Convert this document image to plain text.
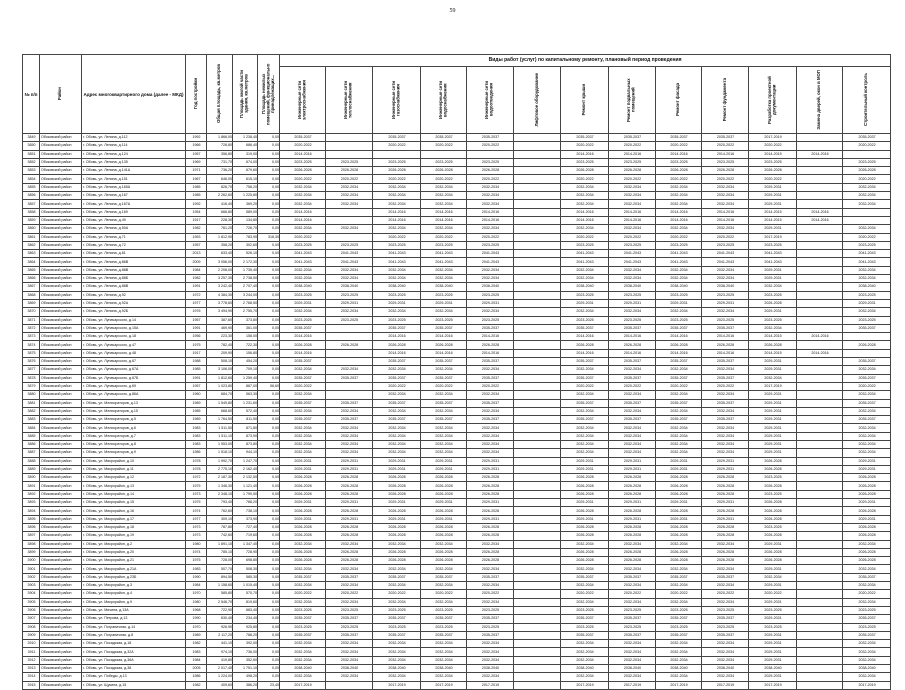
59
№ п/п	Район	Адрес многоквартирного дома (далее - МКД)	Год постройки	Общая площадь, кв.метров	Площадь жилой части здания, кв.метров	Площадь нежилых помещений, функционально принадлежащих...	Виды работ (услуг) по капитальному ремонту, плановый период проведения												
							Инженерные сети электроснабжения	Инженерные сети теплоснабжения	Инженерные сети газоснабжения	Инженерные сети водоснабжения	Инженерные сети водоотведения	Лифтовое оборудование	Ремонт крыши	Ремонт подвальных помещений	Ремонт фасада	Ремонт фундамента	Разработка проектной документации	Замена дверей, окон в МОП	Строительный контроль
3849	Обсковский район	г. Обовь, ул. Ленина, д.112	1992	1 866,00	1 238,40	0,00	2035-2037		2035-2037	2035-2037	2035-2037		2035-2037	2035-2037	2035-2037	2035-2037	2017-2019		2035-2037
3850	Обсковский район	г. Обовь, ул. Ленина, д.114	1966	728,80	686,40	0,00	2020-2022		2020-2022	2020-2022	2020-2022		2020-2022	2020-2022	2020-2022	2020-2022	2020-2022		2020-2022
3851	Обсковский район	г. Обовь, ул. Ленина, д.124	1957	356,80	319,00	0,00	2014-2016						2014-2016	2014-2016	2014-2016	2014-2016	2014-2015	2014-2016	
3852	Обсковский район	г. Обовь, ул. Ленина, д.135	1969	731,70	674,00	0,00	2023-2025	2023-2025	2023-2025	2023-2025	2023-2025		2023-2025	2023-2025	2023-2025	2023-2025	2023-2025		2023-2025
3853	Обсковский район	г. Обовь, ул. Ленина, д.141А	1971	736,20	679,60	0,00	2026-2028	2026-2028	2026-2028	2026-2028	2026-2028		2026-2028	2026-2028	2026-2028	2026-2028	2026-2028		2026-2028
3854	Обсковский район	г. Обовь, ул. Ленина, д.151	1967	646,00	615,10	0,00	2020-2022	2020-2022	2020-2022	2020-2022	2020-2022		2020-2022	2020-2022	2020-2022	2020-2022	2020-2022		2020-2022
3855	Обсковский район	г. Обовь, ул. Ленина, д.165А	1985	826,70	758,20	0,00	2032-2034	2032-2034	2032-2034	2032-2034	2032-2034		2032-2034	2032-2034	2032-2034	2032-2034	2029-2031		2032-2034
3856	Обсковский район	г. Обовь, ул. Ленина, д.167	1985	2 262,60	1 225,80	0,00	2032-2034	2032-2034	2032-2034	2032-2034	2032-2034		2032-2034	2032-2034	2032-2034	2032-2034	2029-2031		2032-2034
3857	Обсковский район	г. Обовь, ул. Ленина, д.167А	1992	416,40	369,20	0,00	2032-2034	2032-2034	2032-2034	2032-2034	2032-2034		2032-2034	2032-2034	2032-2034	2032-2034	2029-2031		2032-2034
3858	Обсковский район	г. Обовь, ул. Ленина, д.169	1954	666,80	589,00	0,00	2014-2016		2014-2016	2014-2016	2014-2016		2014-2016	2014-2016	2014-2016	2014-2016	2014-2015	2014-2016	
3859	Обсковский район	г. Обовь, ул. Ленина, д.49	1917	228,30	134,80	0,00	2014-2016		2014-2016	2014-2016	2014-2016		2014-2016	2014-2016	2014-2016	2014-2016	2014-2015	2014-2016	
3860	Обсковский район	г. Обовь, ул. Ленина, д.50А	1982	761,20	726,70	0,00	2032-2034	2032-2034	2032-2034	2032-2034	2032-2034		2032-2034	2032-2034	2032-2034	2032-2034	2029-2031		2032-2034
3861	Обсковский район	г. Обовь, ул. Ленина, д.71	1953	1 812,90	783,90	318,30	2020-2022		2020-2022	2020-2022	2020-2022		2020-2022	2020-2022	2020-2022	2020-2022	2017-2019		2020-2022
3862	Обсковский район	г. Обовь, ул. Ленина, д.72	1957	358,20	302,60	0,00	2023-2025	2023-2025	2023-2025	2023-2025	2023-2025		2023-2025	2023-2025	2023-2025	2023-2025	2023-2025		2023-2025
3863	Обсковский район	г. Обовь, ул. Ленина, д.81	2013	633,40	526,10	0,00	2041-2043	2041-2043	2041-2043	2041-2043	2041-2043		2041-2043	2041-2043	2041-2043	2041-2043	2041-2043		2041-2043
3864	Обсковский район	г. Обовь, ул. Ленина, д.86В	2009	3 056,00	2 172,30	0,00	2041-2043	2041-2043	2041-2043	2041-2043	2041-2043		2041-2043	2041-2043	2041-2043	2041-2043	2041-2043		2041-2043
3865	Обсковский район	г. Обовь, ул. Ленина, д.88В	1984	2 208,00	1 735,40	0,00	2032-2034	2032-2034	2032-2034	2032-2034	2032-2034		2032-2034	2032-2034	2032-2034	2032-2034	2029-2031		2032-2034
3866	Обсковский район	г. Обовь, ул. Ленина, д.88Б	1982	3 257,30	2 738,50	0,00	2032-2034	2032-2034	2032-2034	2032-2034	2032-2034		2032-2034	2032-2034	2032-2034	2032-2034	2029-2031		2032-2034
3867	Обсковский район	г. Обовь, ул. Ленина, д.88В	1991	3 242,40	2 707,40	0,00	2038-2040	2038-2040	2038-2040	2038-2040	2038-2040		2038-2040	2038-2040	2038-2040	2038-2040	2032-2034		2038-2040
3868	Обсковский район	г. Обовь, ул. Ленина, д.92	1972	4 384,30	3 244,00	0,00	2023-2025	2023-2025	2023-2025	2023-2025	2023-2025		2023-2025	2023-2025	2023-2025	2023-2025	2023-2025		2023-2025
3869	Обсковский район	г. Обовь, ул. Ленина, д.92А	1977	3 778,60	2 768,50	0,00	2029-2031	2029-2031	2029-2031	2029-2031	2029-2031		2029-2031	2029-2031	2029-2031	2029-2031	2026-2028		2029-2031
3870	Обсковский район	г. Обовь, ул. Ленина, д.92Б	1976	3 494,90	2 755,70	0,00	2032-2034	2032-2034	2032-2034	2032-2034	2032-2034		2032-2034	2032-2034	2032-2034	2032-2034	2029-2031		2032-2034
3871	Обсковский район	г. Обовь, ул. Луначарского, д.14	1957	387,60	373,80	0,00	2023-2025	2023-2025	2023-2025	2023-2025	2023-2025		2023-2025	2023-2025	2023-2025	2023-2025	2023-2025		2023-2025
3872	Обсковский район	г. Обовь, ул. Луначарского, д.15А	1991	469,90	361,00	0,00	2035-2037		2035-2037	2035-2037	2035-2037		2035-2037	2035-2037	2035-2037	2035-2037	2032-2034		2035-2037
3873	Обсковский район	г. Обовь, ул. Луначарского, д.18	1956	223,30	158,00	0,00	2014-2016		2014-2016	2014-2016	2014-2016		2014-2016	2014-2016	2014-2016	2014-2016	2014-2015	2014-2016	
3874	Обсковский район	г. Обовь, ул. Луначарского, д.47	1975	782,40	722,30	0,00	2026-2028	2026-2028	2026-2028	2026-2028	2026-2028		2026-2028	2026-2028	2026-2028	2026-2028	2026-2028		2026-2028
3875	Обсковский район	г. Обовь, ул. Луначарского, д.48	1917	209,90	156,80	0,00	2014-2016		2014-2016	2014-2016	2014-2016		2014-2016	2014-2016	2014-2016	2014-2016	2014-2015	2014-2016	
3876	Обсковский район	г. Обовь, ул. Луначарского, д.67	1988	508,10	454,20	0,00	2035-2037		2035-2037	2035-2037	2035-2037		2035-2037	2035-2037	2035-2037	2035-2037	2029-2031		2035-2037
3877	Обсковский район	г. Обовь, ул. Луначарского, д.67А	1985	3 106,00	709,10	0,00	2032-2034	2032-2034	2032-2034	2032-2034	2032-2034		2032-2034	2032-2034	2032-2034	2032-2034	2029-2031		2032-2034
3878	Обсковский район	г. Обовь, ул. Луначарского, д.67Б	1991	1 812,60	1 259,40	0,00	2035-2037	2035-2037	2035-2037	2035-2037	2035-2037		2035-2037	2035-2037	2035-2037	2035-2037	2032-2034		2035-2037
3879	Обсковский район	г. Обовь, ул. Луначарского, д.69	1957	1 023,80	887,00	58,60	2020-2022		2020-2022	2020-2022	2020-2022		2020-2022	2020-2022	2020-2022	2020-2022	2017-2019		2020-2022
3880	Обсковский район	г. Обовь, ул. Луначарского, д.86А	1960	684,70	563,30	0,00	2032-2034		2032-2034	2032-2034	2032-2034		2032-2034	2032-2034	2032-2034	2032-2034	2029-2031		2032-2034
3881	Обсковский район	г. Обовь, ул. Мелиораторов, д.13	1989	1 549,80	1 231,60	0,00	2035-2037	2035-2037	2035-2037	2035-2037	2035-2037		2035-2037	2035-2037	2035-2037	2035-2037	2029-2031		2035-2037
3882	Обсковский район	г. Обовь, ул. Мелиораторов, д.15	1985	668,60	572,40	0,00	2032-2034	2032-2034	2032-2034	2032-2034	2032-2034		2032-2034	2032-2034	2032-2034	2032-2034	2029-2031		2032-2034
3883	Обсковский район	г. Обовь, ул. Мелиораторов, д.5	1989	1 764,50	811,50	0,00	2035-2037	2035-2037	2035-2037	2035-2037	2035-2037		2035-2037	2035-2037	2035-2037	2035-2037	2029-2031		2035-2037
3884	Обсковский район	г. Обовь, ул. Мелиораторов, д.6	1983	1 511,50	871,80	0,00	2032-2034	2032-2034	2032-2034	2032-2034	2032-2034		2032-2034	2032-2034	2032-2034	2032-2034	2029-2031		2032-2034
3885	Обсковский район	г. Обовь, ул. Мелиораторов, д.7	1983	1 511,10	873,90	0,00	2032-2034	2032-2034	2032-2034	2032-2034	2032-2034		2032-2034	2032-2034	2032-2034	2032-2034	2029-2031		2032-2034
3886	Обсковский район	г. Обовь, ул. Мелиораторов, д.8	1983	1 553,00	873,80	0,00	2032-2034	2032-2034	2032-2034	2032-2034	2032-2034		2032-2034	2032-2034	2032-2034	2032-2034	2029-2031		2032-2034
3887	Обсковский район	г. Обовь, ул. Мелиораторов, д.9	1986	1 518,10	944,10	0,00	2032-2034	2032-2034	2032-2034	2032-2034	2032-2034		2032-2034	2032-2034	2032-2034	2032-2034	2029-2031		2032-2034
3888	Обсковский район	г. Обовь, ул. Микрорайон, д.10	1978	1 992,70	1 247,70	0,00	2029-2031	2029-2031	2029-2031	2029-2031	2029-2031		2029-2031	2029-2031	2029-2031	2029-2031	2026-2028		2029-2031
3889	Обсковский район	г. Обовь, ул. Микрорайон, д.11	1978	2 775,10	2 162,40	0,00	2029-2031	2029-2031	2029-2031	2029-2031	2029-2031		2029-2031	2029-2031	2029-2031	2029-2031	2026-2028		2029-2031
3890	Обсковский район	г. Обовь, ул. Микрорайон, д.12	1972	2 187,30	2 132,50	0,00	2026-2028	2026-2028	2026-2028	2026-2028	2026-2028		2026-2028	2026-2028	2026-2028	2026-2028	2023-2025		2026-2028
3891	Обсковский район	г. Обовь, ул. Микрорайон, д.13	1975	1 346,30	1 121,40	0,00	2026-2028	2026-2028	2026-2028	2026-2028	2026-2028		2026-2028	2026-2028	2026-2028	2026-2028	2026-2028		2026-2028
3892	Обсковский район	г. Обовь, ул. Микрорайон, д.14	1973	2 348,10	1 790,50	0,00	2026-2028	2026-2028	2026-2028	2026-2028	2026-2028		2026-2028	2026-2028	2026-2028	2026-2028	2023-2025		2026-2028
3893	Обсковский район	г. Обовь, ул. Микрорайон, д.15	1975	793,40	768,20	0,00	2029-2031	2029-2031	2029-2031	2029-2031	2029-2031		2029-2031	2029-2031	2029-2031	2029-2031	2026-2028		2029-2031
3894	Обсковский район	г. Обовь, ул. Микрорайон, д.16	1974	762,60	738,10	0,00	2026-2028	2026-2028	2026-2028	2026-2028	2026-2028		2026-2028	2026-2028	2026-2028	2026-2028	2026-2028		2026-2028
3895	Обсковский район	г. Обовь, ул. Микрорайон, д.17	1977	309,10	373,90	0,00	2029-2031	2029-2031	2029-2031	2029-2031	2029-2031		2029-2031	2029-2031	2029-2031	2029-2031	2026-2028		2029-2031
3896	Обсковский район	г. Обовь, ул. Микрорайон, д.18	1973	787,80	727,40	0,00	2026-2028	2026-2028	2026-2028	2026-2028	2026-2028		2026-2028	2026-2028	2026-2028	2026-2028	2023-2025		2026-2028
3897	Обсковский район	г. Обовь, ул. Микрорайон, д.19	1973	742,60	719,60	0,00	2026-2028	2026-2028	2026-2028	2026-2028	2026-2028		2026-2028	2026-2028	2026-2028	2026-2028	2026-2028		2026-2028
3898	Обсковский район	г. Обовь, ул. Микрорайон, д.2	1980	1 891,10	1 347,40	0,00	2032-2034	2032-2034	2032-2034	2032-2034	2032-2034		2032-2034	2032-2034	2032-2034	2032-2034	2029-2031		2032-2034
3899	Обсковский район	г. Обовь, ул. Микрорайон, д.20	1974	785,10	728,90	0,00	2026-2028	2026-2028	2026-2028	2026-2028	2026-2028		2026-2028	2026-2028	2026-2028	2026-2028	2026-2028		2026-2028
3900	Обсковский район	г. Обовь, ул. Микрорайон, д.21	1975	728,00	698,80	0,00	2026-2028	2026-2028	2026-2028	2026-2028	2026-2028		2026-2028	2026-2028	2026-2028	2026-2028	2026-2028		2026-2028
3901	Обсковский район	г. Обовь, ул. Микрорайон, д.21А	1983	507,70	508,30	0,00	2032-2034	2032-2034	2032-2034	2032-2034	2032-2034		2032-2034	2032-2034	2032-2034	2032-2034	2029-2031		2032-2034
3902	Обсковский район	г. Обовь, ул. Микрорайон, д.23Б	1990	894,50	585,30	0,00	2035-2037	2035-2037	2035-2037	2035-2037	2035-2037		2035-2037	2035-2037	2035-2037	2035-2037	2032-2034		2035-2037
3903	Обсковский район	г. Обовь, ул. Микрорайон, д.3	1984	1 158,60	1 015,40	0,00	2032-2034	2032-2034	2032-2034	2032-2034	2032-2034		2032-2034	2032-2034	2032-2034	2032-2034	2029-2031		2032-2034
3904	Обсковский район	г. Обовь, ул. Микрорайон, д.4	1970	585,80	570,70	0,00	2020-2022	2020-2022	2020-2022	2020-2022	2020-2022		2020-2022	2020-2022	2020-2022	2020-2022	2020-2022		2020-2022
3905	Обсковский район	г. Обовь, ул. Микрорайон, д.9	1980	2 546,70	819,60	0,00	2032-2034	2032-2034	2032-2034	2032-2034	2032-2034		2032-2034	2032-2034	2032-2034	2032-2034	2029-2031		2032-2034
3906	Обсковский район	г. Обовь, ул. Мичина, д.13А	1968	722,90	683,40	0,00	2023-2025	2023-2025	2023-2025	2023-2025	2023-2025		2023-2025	2023-2025	2023-2025	2023-2025	2023-2025		2023-2025
3907	Обсковский район	г. Обовь, ул. Петрова, д.13	1990	630,40	234,40	0,00	2035-2037	2035-2037	2035-2037	2035-2037	2035-2037		2035-2037	2035-2037	2035-2037	2035-2037	2029-2031		2035-2037
3908	Обсковский район	г. Обовь, ул. Пограничная, д.14	1970	926,90	925,80	0,00	2023-2025	2023-2025	2023-2025	2023-2025	2023-2025		2023-2025	2023-2025	2023-2025	2023-2025	2023-2025		2023-2025
3909	Обсковский район	г. Обовь, ул. Пограничная, д.8	1989	2 117,20	788,20	0,00	2035-2037	2035-2037	2035-2037	2035-2037	2035-2037		2035-2037	2035-2037	2035-2037	2035-2037	2029-2031		2035-2037
3910	Обсковский район	г. Обовь, ул. Посадская, д.18	1982	441,10	392,00	0,00	2032-2034	2032-2034	2032-2034	2032-2034	2032-2034		2032-2034	2032-2034	2032-2034	2032-2034	2029-2031		2032-2034
3911	Обсковский район	г. Обовь, ул. Посадская, д.32А	1983	974,10	736,00	0,00	2032-2034	2032-2034	2032-2034	2032-2034	2032-2034		2032-2034	2032-2034	2032-2034	2032-2034	2029-2031		2032-2034
3912	Обсковский район	г. Обовь, ул. Посадская, д.36А	1984	419,80	352,60	0,00	2032-2034	2032-2034	2032-2034	2032-2034	2032-2034		2032-2034	2032-2034	2032-2034	2032-2034	2029-2031		2032-2034
3913	Обсковский район	г. Обовь, ул. Посадская, д.38	2005	2 017,40	1 751,10	0,00	2038-2040	2038-2040	2038-2040	2038-2040	2038-2040		2038-2040	2038-2040	2038-2040	2038-2040	2038-2040		2038-2040
3914	Обсковский район	г. Обовь, ул. Победы, д.13	1986	1 224,00	498,20	0,00	2032-2034	2032-2034	2032-2034	2032-2034	2032-2034		2032-2034	2032-2034	2032-2034	2032-2034	2029-2031		2032-2034
3915	Обсковский район	г. Обовь, ул. Щукина, д.15	1982	409,60	386,20	23,40	2017-2019		2017-2019	2017-2019	2017-2019		2017-2019	2017-2019	2017-2019	2017-2019	2017-2019		2017-2019
